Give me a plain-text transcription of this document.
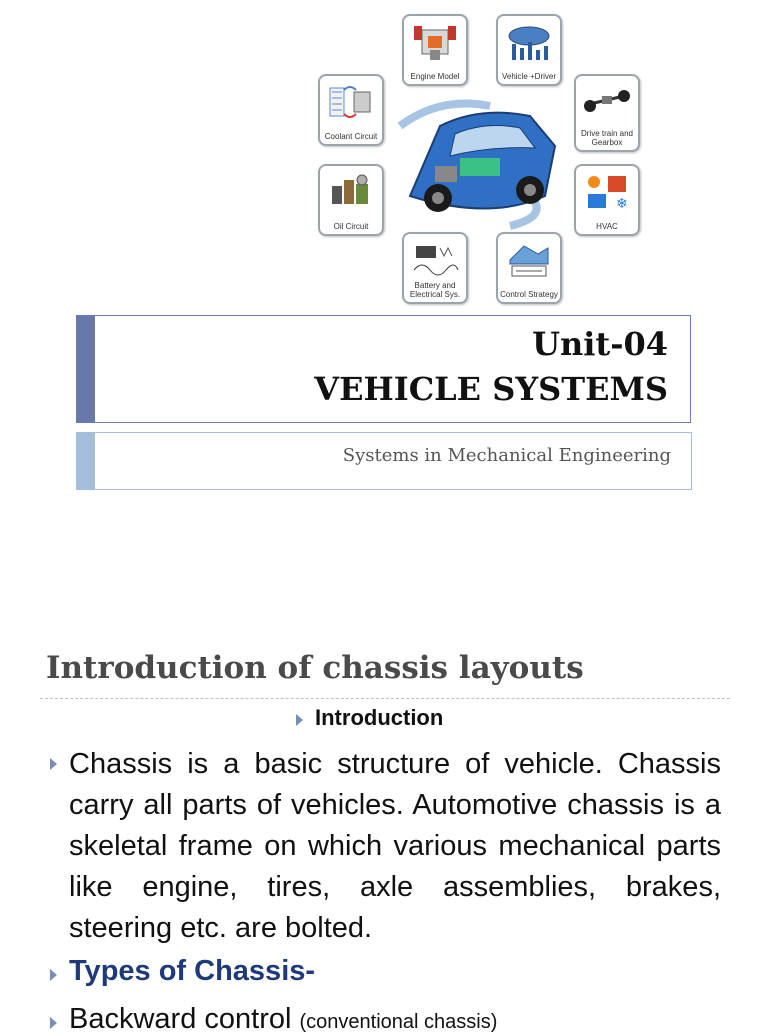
Engine Model	Vehicle +Driver
Coolant Circuit	Drive train and Gearbox
Oil Circuit
❄
HVAC
Battery and Electrical Sys.	Control Strategy
Unit-04
VEHICLE SYSTEMS
Systems in Mechanical Engineering
Introduction of chassis layouts
Introduction
Chassis is a basic structure of vehicle. Chassis carry all parts of vehicles. Automotive chassis is a skeletal frame on which various mechanical parts like engine, tires, axle assemblies, brakes, steering etc. are bolted.
Types of Chassis-
Backward control (conventional chassis)
